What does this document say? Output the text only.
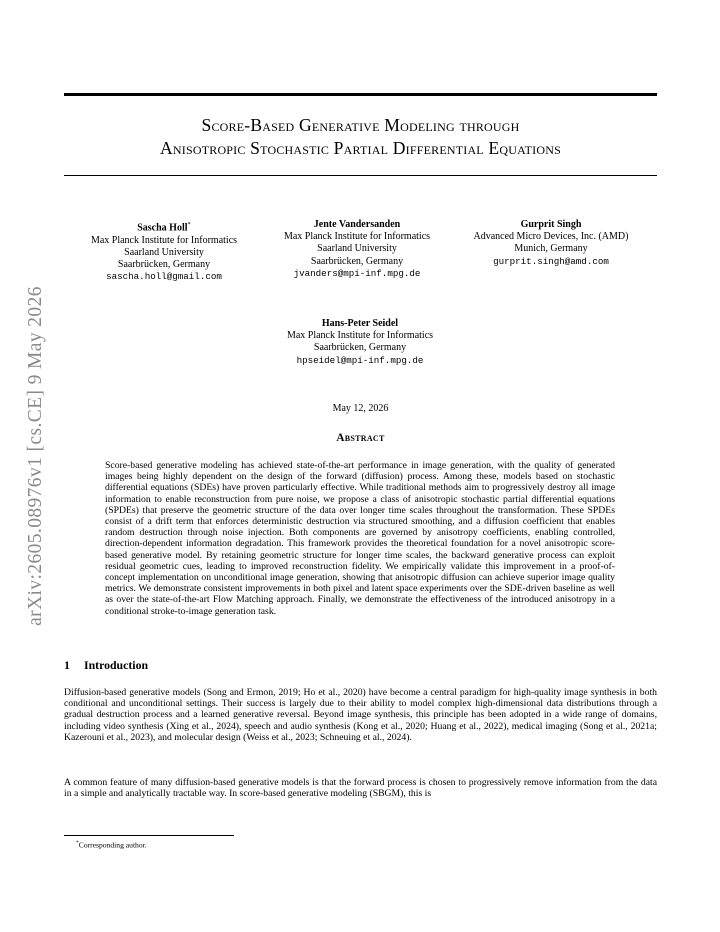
arXiv:2605.08976v1 [cs.CE] 9 May 2026
Score-Based Generative Modeling through
Anisotropic Stochastic Partial Differential Equations
Sascha Holl*
Max Planck Institute for Informatics
Saarland University
Saarbrücken, Germany
sascha.holl@gmail.com
Jente Vandersanden
Max Planck Institute for Informatics
Saarland University
Saarbrücken, Germany
jvanders@mpi-inf.mpg.de
Gurprit Singh
Advanced Micro Devices, Inc. (AMD)
Munich, Germany
gurprit.singh@amd.com
Hans-Peter Seidel
Max Planck Institute for Informatics
Saarbrücken, Germany
hpseidel@mpi-inf.mpg.de
May 12, 2026
Abstract

Score-based generative modeling has achieved state-of-the-art performance in image generation, with the quality of generated images being highly dependent on the design of the forward (diffusion) process. Among these, models based on stochastic differential equations (SDEs) have proven particularly effective. While traditional methods aim to progressively destroy all image information to enable reconstruction from pure noise, we propose a class of anisotropic stochastic partial differential equations (SPDEs) that preserve the geometric structure of the data over longer time scales throughout the transformation. These SPDEs consist of a drift term that enforces deterministic destruction via structured smoothing, and a diffusion coefficient that enables random destruction through noise injection. Both components are governed by anisotropy coefficients, enabling controlled, direction-dependent information degradation. This framework provides the theoretical foundation for a novel anisotropic score-based generative model. By retaining geometric structure for longer time scales, the backward generative process can exploit residual geometric cues, leading to improved reconstruction fidelity. We empirically validate this improvement in a proof-of-concept implementation on unconditional image generation, showing that anisotropic diffusion can achieve superior image quality metrics. We demonstrate consistent improvements in both pixel and latent space experiments over the SDE-driven baseline as well as over the state-of-the-art Flow Matching approach. Finally, we demonstrate the effectiveness of the introduced anisotropy in a conditional stroke-to-image generation task.

1 Introduction

Diffusion-based generative models (Song and Ermon, 2019; Ho et al., 2020) have become a central paradigm for high-quality image synthesis in both conditional and unconditional settings. Their success is largely due to their ability to model complex high-dimensional data distributions through a gradual destruction process and a learned generative reversal. Beyond image synthesis, this principle has been adopted in a wide range of domains, including video synthesis (Xing et al., 2024), speech and audio synthesis (Kong et al., 2020; Huang et al., 2022), medical imaging (Song et al., 2021a; Kazerouni et al., 2023), and molecular design (Weiss et al., 2023; Schneuing et al., 2024).

A common feature of many diffusion-based generative models is that the forward process is chosen to progressively remove information from the data in a simple and analytically tractable way. In score-based generative modeling (SBGM), this is

*Corresponding author.
